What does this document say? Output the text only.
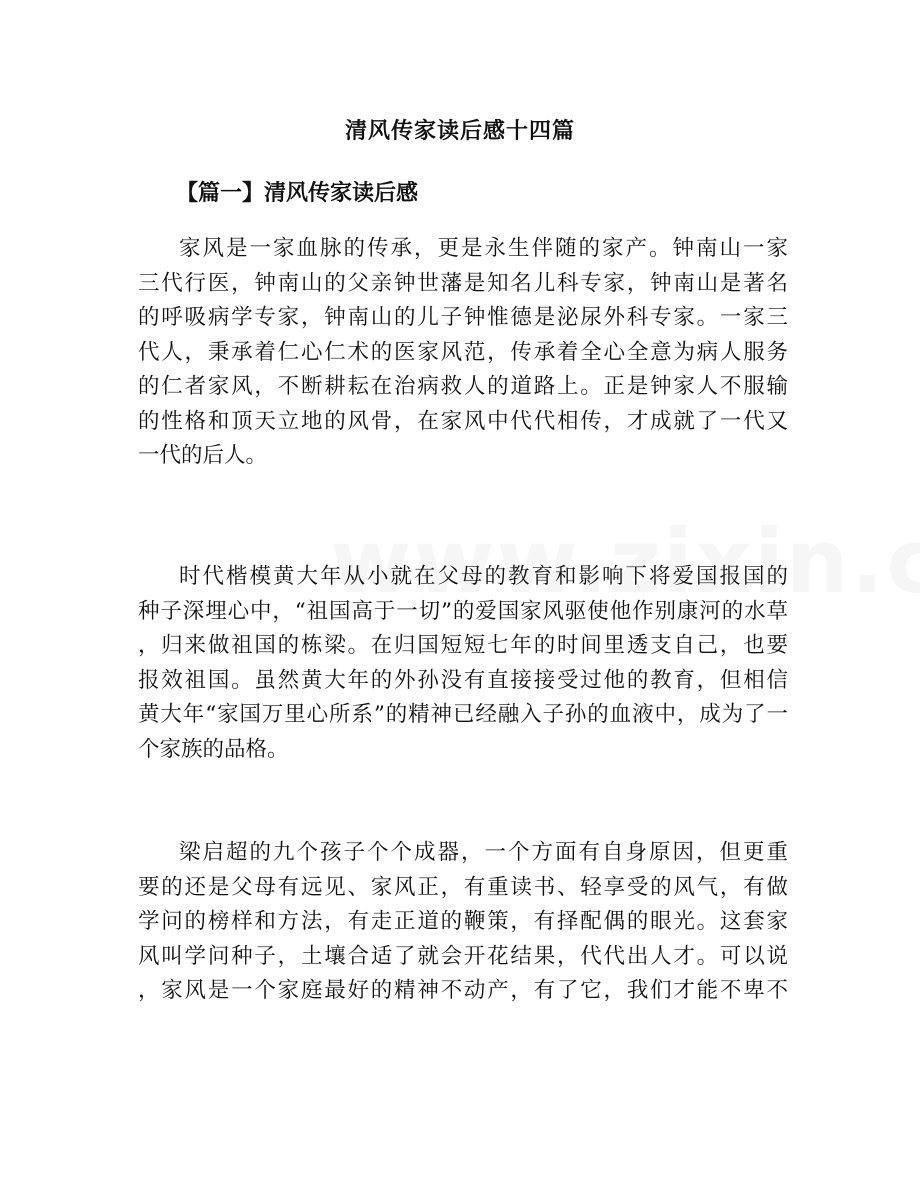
清风传家读后感十四篇
【篇一】清风传家读后感
家风是一家血脉的传承，更是永生伴随的家产。钟南山一家
三代行医，钟南山的父亲钟世藩是知名儿科专家，钟南山是著名
的呼吸病学专家，钟南山的儿子钟惟德是泌尿外科专家。一家三
代人，秉承着仁心仁术的医家风范，传承着全心全意为病人服务
的仁者家风，不断耕耘在治病救人的道路上。正是钟家人不服输
的性格和顶天立地的风骨，在家风中代代相传，才成就了一代又
一代的后人。
时代楷模黄大年从小就在父母的教育和影响下将爱国报国的
种子深埋心中，“祖国高于一切”的爱国家风驱使他作别康河的水草
，归来做祖国的栋梁。在归国短短七年的时间里透支自己，也要
报效祖国。虽然黄大年的外孙没有直接接受过他的教育，但相信
黄大年“家国万里心所系”的精神已经融入子孙的血液中，成为了一
个家族的品格。
梁启超的九个孩子个个成器，一个方面有自身原因，但更重
要的还是父母有远见、家风正，有重读书、轻享受的风气，有做
学问的榜样和方法，有走正道的鞭策，有择配偶的眼光。这套家
风叫学问种子，土壤合适了就会开花结果，代代出人才。可以说
，家风是一个家庭最好的精神不动产，有了它，我们才能不卑不
